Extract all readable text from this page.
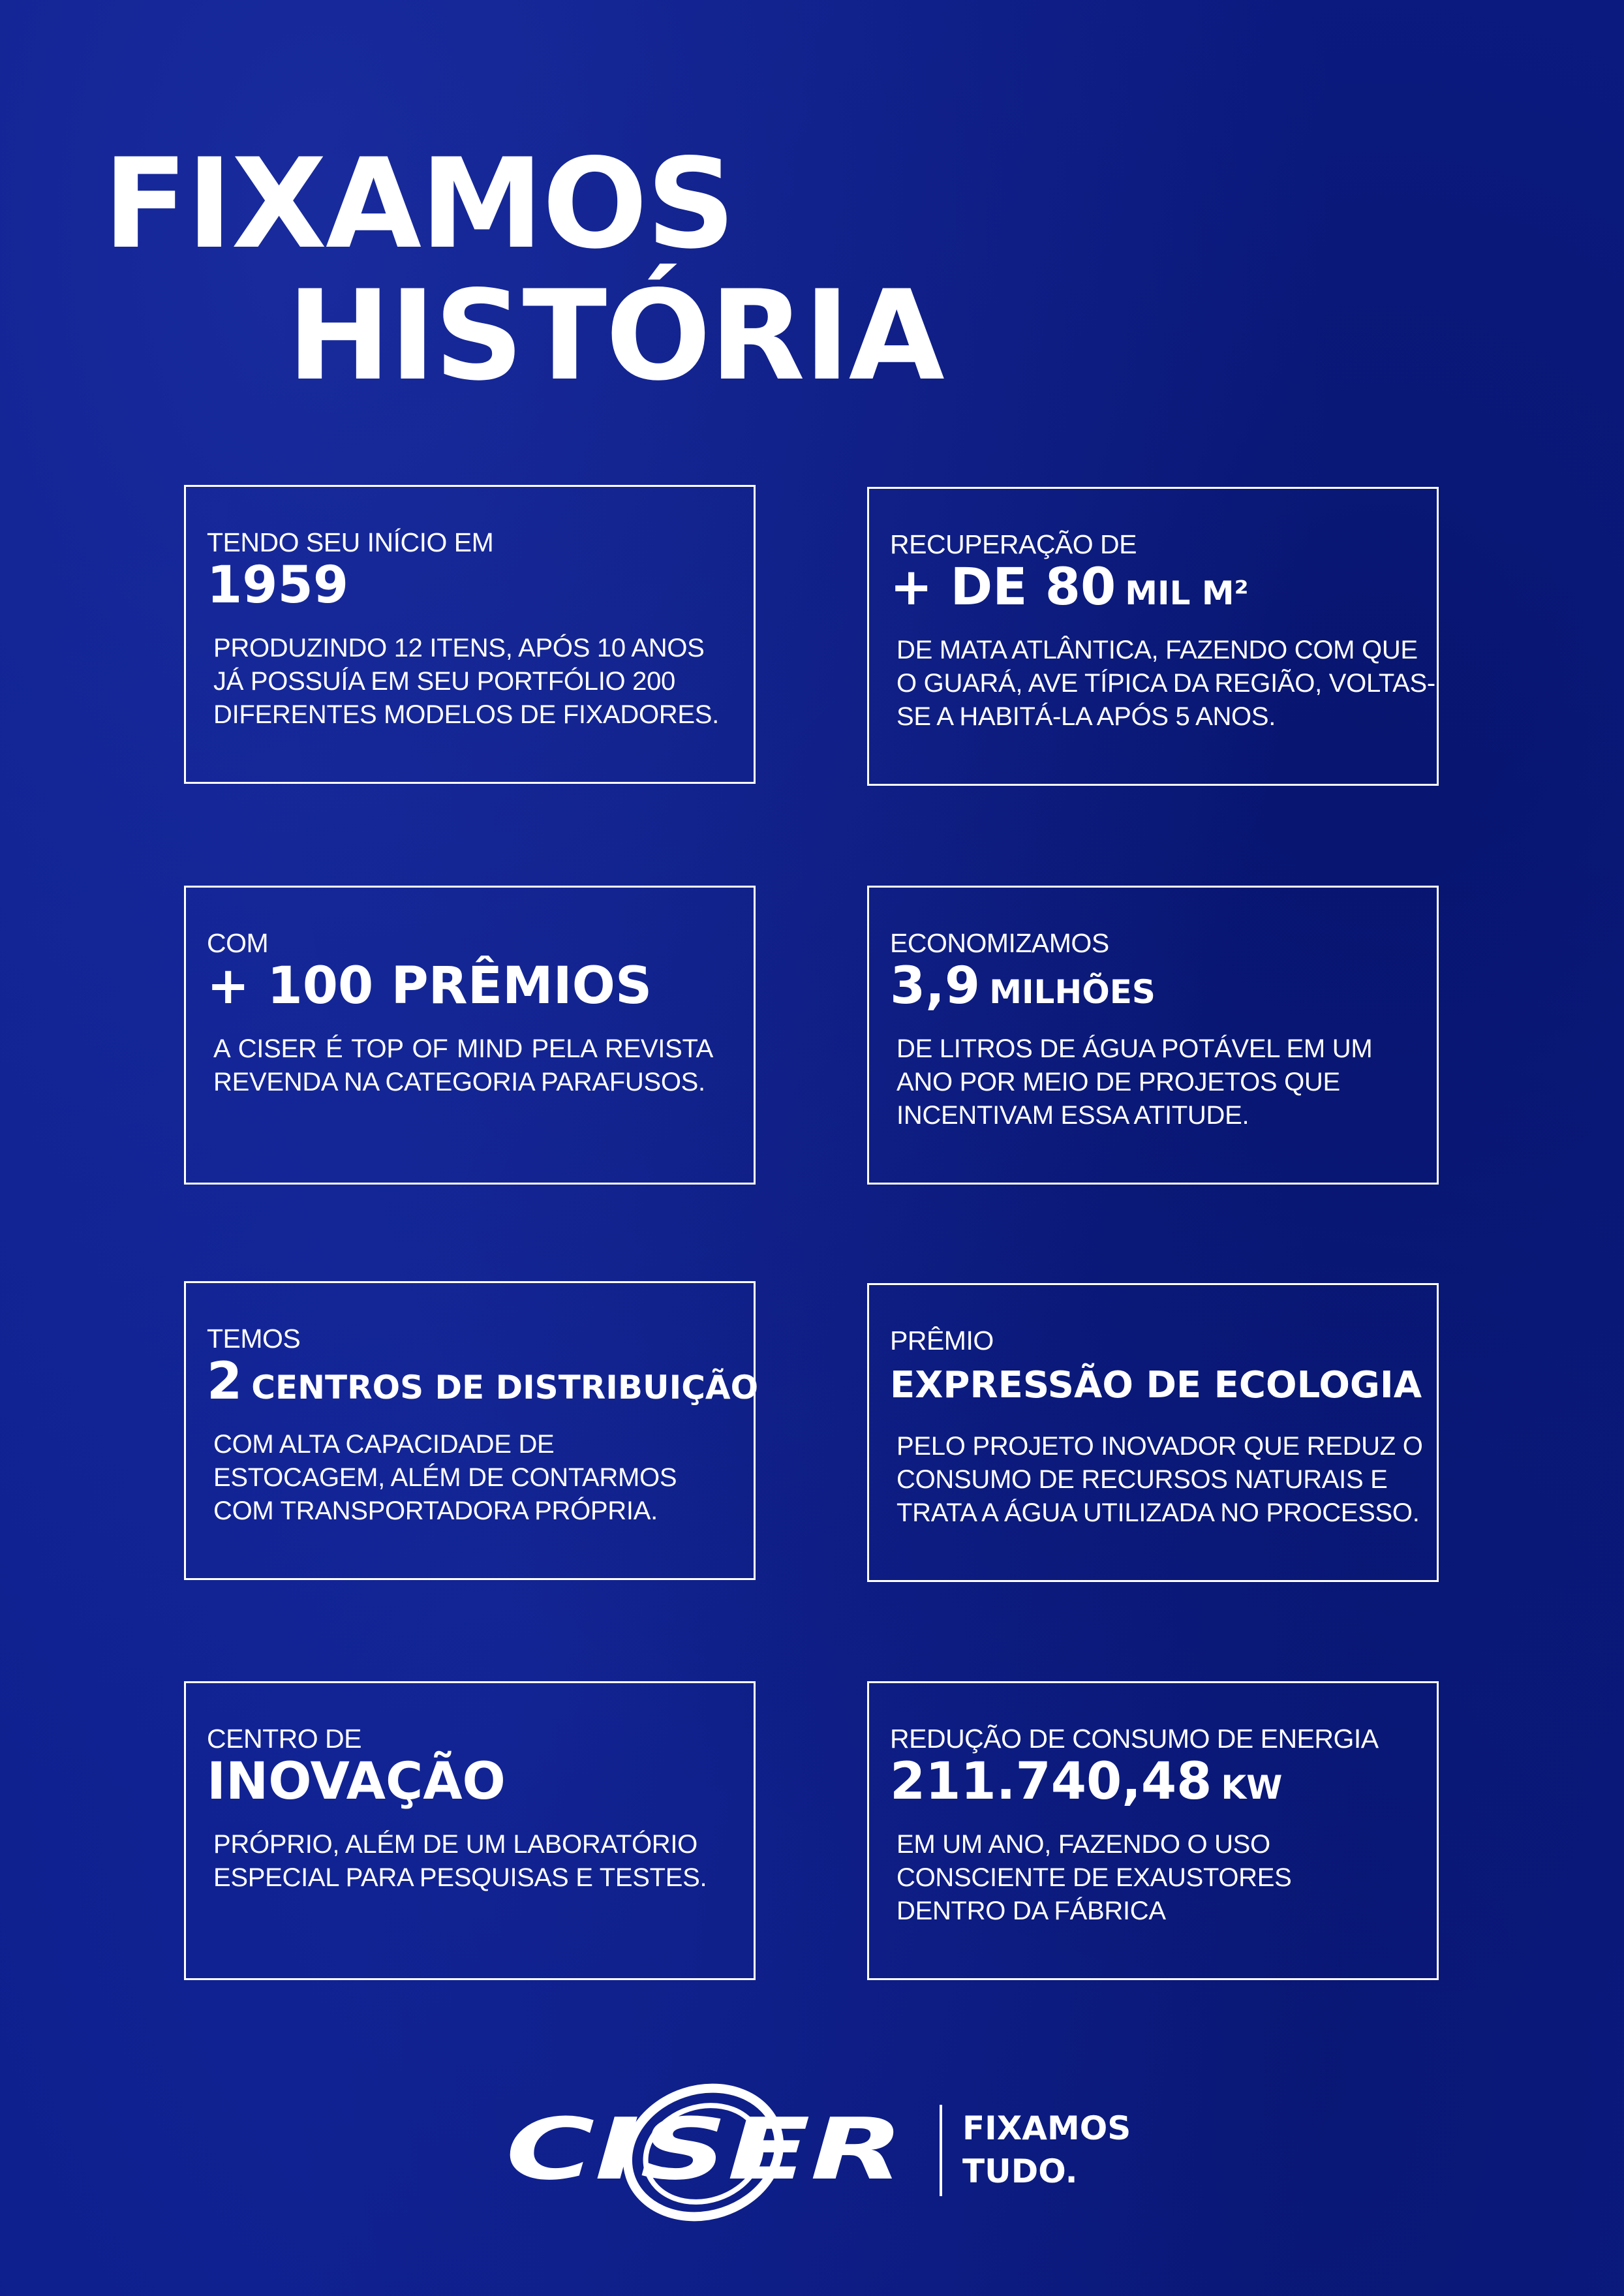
FIXAMOS
HISTÓRIA
TENDO SEU INÍCIO EM
1959
PRODUZINDO 12 ITENS, APÓS 10 ANOS
JÁ POSSUÍA EM SEU PORTFÓLIO 200
DIFERENTES MODELOS DE FIXADORES.
RECUPERAÇÃO DE
+ DE 80 MIL M²
DE MATA ATLÂNTICA, FAZENDO COM QUE
O GUARÁ, AVE TÍPICA DA REGIÃO, VOLTAS-
SE A HABITÁ-LA APÓS 5 ANOS.
COM
+ 100 PRÊMIOS
A CISER É TOP OF MIND PELA REVISTA
REVENDA NA CATEGORIA PARAFUSOS.
ECONOMIZAMOS
3,9 MILHÕES
DE LITROS DE ÁGUA POTÁVEL EM UM
ANO POR MEIO DE PROJETOS QUE
INCENTIVAM ESSA ATITUDE.
TEMOS
2 CENTROS DE DISTRIBUIÇÃO
COM ALTA CAPACIDADE DE
ESTOCAGEM, ALÉM DE CONTARMOS
COM TRANSPORTADORA PRÓPRIA.
PRÊMIO
EXPRESSÃO DE ECOLOGIA
PELO PROJETO INOVADOR QUE REDUZ O
CONSUMO DE RECURSOS NATURAIS E
TRATA A ÁGUA UTILIZADA NO PROCESSO.
CENTRO DE
INOVAÇÃO
PRÓPRIO, ALÉM DE UM LABORATÓRIO
ESPECIAL PARA PESQUISAS E TESTES.
REDUÇÃO DE CONSUMO DE ENERGIA
211.740,48 KW
EM UM ANO, FAZENDO O USO
CONSCIENTE DE EXAUSTORES
DENTRO DA FÁBRICA
CISER FIXAMOS
TUDO.
